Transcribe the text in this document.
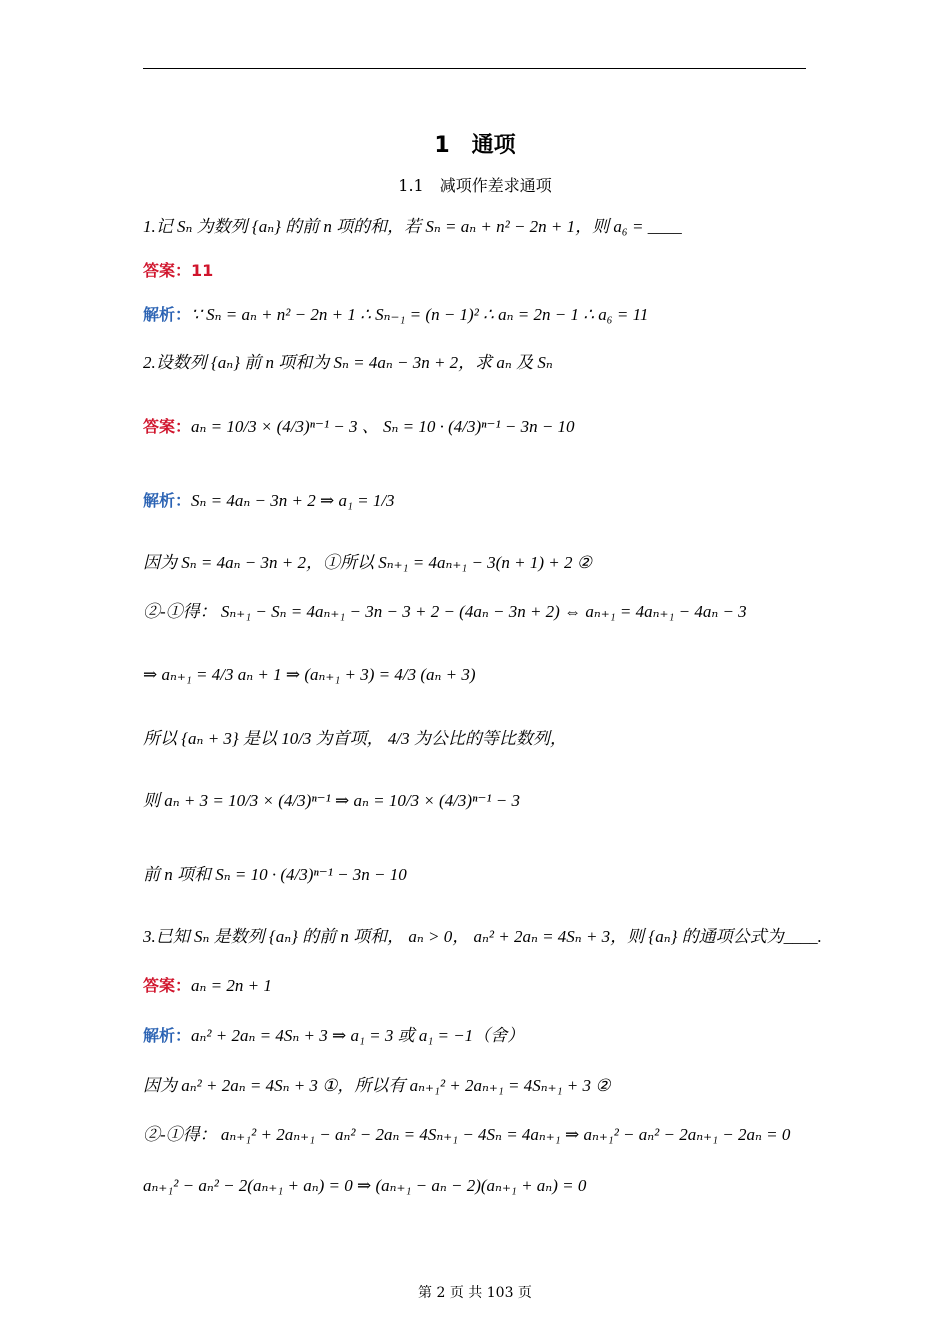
1　通项
1.1　减项作差求通项
1.记 Sₙ 为数列 {aₙ} 的前 n 项的和，若 Sₙ = aₙ + n² − 2n + 1，则 a₆ = ____
答案：11
解析：∵ Sₙ = aₙ + n² − 2n + 1 ∴ Sₙ₋₁ = (n − 1)² ∴ aₙ = 2n − 1 ∴ a₆ = 11
2.设数列 {aₙ} 前 n 项和为 Sₙ = 4aₙ − 3n + 2，求 aₙ 及 Sₙ
答案：aₙ = 10/3 × (4/3)ⁿ⁻¹ − 3 、 Sₙ = 10 · (4/3)ⁿ⁻¹ − 3n − 10
解析：Sₙ = 4aₙ − 3n + 2 ⇒ a₁ = 1/3
因为 Sₙ = 4aₙ − 3n + 2，①所以 Sₙ₊₁ = 4aₙ₊₁ − 3(n + 1) + 2 ②
②-①得： Sₙ₊₁ − Sₙ = 4aₙ₊₁ − 3n − 3 + 2 − (4aₙ − 3n + 2) ⇔ aₙ₊₁ = 4aₙ₊₁ − 4aₙ − 3
⇒ aₙ₊₁ = 4/3 aₙ + 1 ⇒ (aₙ₊₁ + 3) = 4/3 (aₙ + 3)
所以 {aₙ + 3} 是以 10/3 为首项， 4/3 为公比的等比数列，
则 aₙ + 3 = 10/3 × (4/3)ⁿ⁻¹ ⇒ aₙ = 10/3 × (4/3)ⁿ⁻¹ − 3
前 n 项和 Sₙ = 10 · (4/3)ⁿ⁻¹ − 3n − 10
3.已知 Sₙ 是数列 {aₙ} 的前 n 项和， aₙ > 0， aₙ² + 2aₙ = 4Sₙ + 3，则 {aₙ} 的通项公式为____.
答案：aₙ = 2n + 1
解析：aₙ² + 2aₙ = 4Sₙ + 3 ⇒ a₁ = 3 或 a₁ = −1（舍）
因为 aₙ² + 2aₙ = 4Sₙ + 3 ①，所以有 aₙ₊₁² + 2aₙ₊₁ = 4Sₙ₊₁ + 3 ②
②-①得： aₙ₊₁² + 2aₙ₊₁ − aₙ² − 2aₙ = 4Sₙ₊₁ − 4Sₙ = 4aₙ₊₁ ⇒ aₙ₊₁² − aₙ² − 2aₙ₊₁ − 2aₙ = 0
aₙ₊₁² − aₙ² − 2(aₙ₊₁ + aₙ) = 0 ⇒ (aₙ₊₁ − aₙ − 2)(aₙ₊₁ + aₙ) = 0
第 2 页 共 103 页
